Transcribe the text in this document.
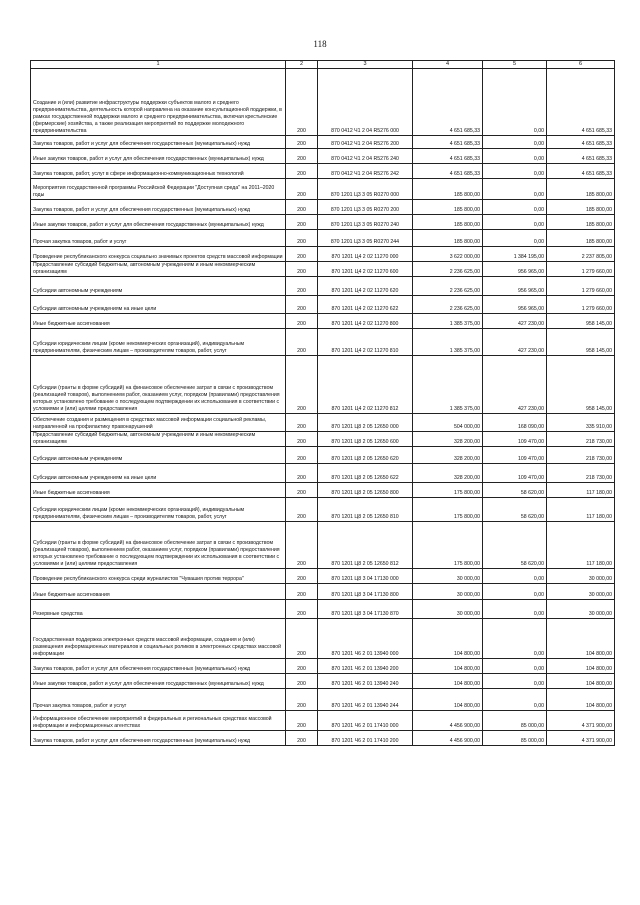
118
1	2	3	4	5	6
Создание и (или) развитие инфраструктуры поддержки субъектов малого и среднего предпринимательства, деятельность которой направлена на оказание консультационной поддержки, в рамках государственной поддержки малого и среднего предпринимательства, включая крестьянские (фермерские) хозяйства, а также реализация мероприятий по поддержке молодежного предпринимательства	200	870 0412 Ч1 2 04 R5276 000	4 651 685,33	0,00	4 651 685,33
Закупка товаров, работ и услуг для обеспечения государственных (муниципальных) нужд	200	870 0412 Ч1 2 04 R5276 200	4 651 685,33	0,00	4 651 685,33
Иные закупки товаров, работ и услуг для обеспечения государственных (муниципальных) нужд	200	870 0412 Ч1 2 04 R5276 240	4 651 685,33	0,00	4 651 685,33
Закупка товаров, работ, услуг в сфере информационно-коммуникационных технологий	200	870 0412 Ч1 2 04 R5276 242	4 651 685,33	0,00	4 651 685,33
Мероприятия государственной программы Российской Федерации "Доступная среда" на 2011–2020 годы	200	870 1201 Ц3 3 05 R0270 000	185 800,00	0,00	185 800,00
Закупка товаров, работ и услуг для обеспечения государственных (муниципальных) нужд	200	870 1201 Ц3 3 05 R0270 200	185 800,00	0,00	185 800,00
Иные закупки товаров, работ и услуг для обеспечения государственных (муниципальных) нужд	200	870 1201 Ц3 3 05 R0270 240	185 800,00	0,00	185 800,00
Прочая закупка товаров, работ и услуг	200	870 1201 Ц3 3 05 R0270 244	185 800,00	0,00	185 800,00
Проведение республиканского конкурса социально значимых проектов средств массовой информации	200	870 1201 Ц4 2 02 11270 000	3 622 000,00	1 384 195,00	2 237 805,00
Предоставление субсидий бюджетным, автономным учреждениям и иным некоммерческим организациям	200	870 1201 Ц4 2 02 11270 600	2 236 625,00	956 965,00	1 279 660,00
Субсидии автономным учреждениям	200	870 1201 Ц4 2 02 11270 620	2 236 625,00	956 965,00	1 279 660,00
Субсидии автономным учреждениям на иные цели	200	870 1201 Ц4 2 02 11270 622	2 236 625,00	956 965,00	1 279 660,00
Иные бюджетные ассигнования	200	870 1201 Ц4 2 02 11270 800	1 385 375,00	427 230,00	958 145,00
Субсидии юридическим лицам (кроме некоммерческих организаций), индивидуальным предпринимателям, физическим лицам – производителям товаров, работ, услуг	200	870 1201 Ц4 2 02 11270 810	1 385 375,00	427 230,00	958 145,00
Субсидии (гранты в форме субсидий) на финансовое обеспечение затрат в связи с производством (реализацией товаров), выполнением работ, оказанием услуг, порядком (правилами) предоставления которых установлено требование о последующем подтверждении их использования в соответствии с условиями и (или) целями предоставления	200	870 1201 Ц4 2 02 11270 812	1 385 375,00	427 230,00	958 145,00
Обеспечение создания и размещения в средствах массовой информации социальной рекламы, направленной на профилактику правонарушений	200	870 1201 Ц8 2 05 12650 000	504 000,00	168 090,00	335 910,00
Предоставление субсидий бюджетным, автономным учреждениям и иным некоммерческим организациям	200	870 1201 Ц8 2 05 12650 600	328 200,00	109 470,00	218 730,00
Субсидии автономным учреждениям	200	870 1201 Ц8 2 05 12650 620	328 200,00	109 470,00	218 730,00
Субсидии автономным учреждениям на иные цели	200	870 1201 Ц8 2 05 12650 622	328 200,00	109 470,00	218 730,00
Иные бюджетные ассигнования	200	870 1201 Ц8 2 05 12650 800	175 800,00	58 620,00	117 180,00
Субсидии юридическим лицам (кроме некоммерческих организаций), индивидуальным предпринимателям, физическим лицам – производителям товаров, работ, услуг	200	870 1201 Ц8 2 05 12650 810	175 800,00	58 620,00	117 180,00
Субсидии (гранты в форме субсидий) на финансовое обеспечение затрат в связи с производством (реализацией товаров), выполнением работ, оказанием услуг, порядком (правилами) предоставления которых установлено требование о последующем подтверждении их использования в соответствии с условиями и (или) целями предоставления	200	870 1201 Ц8 2 05 12650 812	175 800,00	58 620,00	117 180,00
Проведение республиканского конкурса среди журналистов "Чувашия против террора"	200	870 1201 Ц8 3 04 17130 000	30 000,00	0,00	30 000,00
Иные бюджетные ассигнования	200	870 1201 Ц8 3 04 17130 800	30 000,00	0,00	30 000,00
Резервные средства	200	870 1201 Ц8 3 04 17130 870	30 000,00	0,00	30 000,00
Государственная поддержка электронных средств массовой информации, создания и (или) размещения информационных материалов и социальных роликов в электронных средствах массовой информации	200	870 1201 Ч6 2 01 13940 000	104 800,00	0,00	104 800,00
Закупка товаров, работ и услуг для обеспечения государственных (муниципальных) нужд	200	870 1201 Ч6 2 01 13940 200	104 800,00	0,00	104 800,00
Иные закупки товаров, работ и услуг для обеспечения государственных (муниципальных) нужд	200	870 1201 Ч6 2 01 13940 240	104 800,00	0,00	104 800,00
Прочая закупка товаров, работ и услуг	200	870 1201 Ч6 2 01 13940 244	104 800,00	0,00	104 800,00
Информационное обеспечение мероприятий в федеральных и региональных средствах массовой информации и информационных агентствах	200	870 1201 Ч6 2 01 17410 000	4 456 900,00	85 000,00	4 371 900,00
Закупка товаров, работ и услуг для обеспечения государственных (муниципальных) нужд	200	870 1201 Ч6 2 01 17410 200	4 456 900,00	85 000,00	4 371 900,00
